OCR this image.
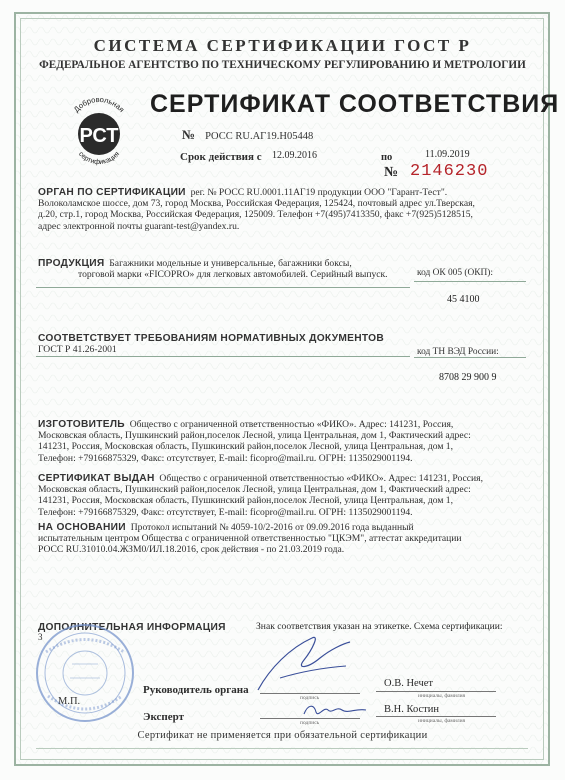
СИСТЕМА СЕРТИФИКАЦИИ ГОСТ Р
ФЕДЕРАЛЬНОЕ АГЕНТСТВО ПО ТЕХНИЧЕСКОМУ РЕГУЛИРОВАНИЮ И МЕТРОЛОГИИ
Добровольная
РСТ
сертификация
СЕРТИФИКАТ СООТВЕТСТВИЯ
№ РОСС RU.АГ19.Н05448
Срок действия с 12.09.2016	по	11.09.2019
№ 2146230
ОРГАН ПО СЕРТИФИКАЦИИ рег. № РОСС RU.0001.11АГ19 продукции ООО "Гарант-Тест".
Волоколамское шоссе, дом 73, город Москва, Российская Федерация, 125424, почтовый адрес ул.Тверская,
д.20, стр.1, город Москва, Российская Федерация, 125009. Телефон +7(495)7413350, факс +7(925)5128515,
адрес электронной почты guarant-test@yandex.ru.
ПРОДУКЦИЯ Багажники модельные и универсальные, багажники боксы,
торговой марки «FICOPRO» для легковых автомобилей. Серийный выпуск.	код ОК 005 (ОКП):
45 4100
СООТВЕТСТВУЕТ ТРЕБОВАНИЯМ НОРМАТИВНЫХ ДОКУМЕНТОВ
ГОСТ Р 41.26-2001	код ТН ВЭД России:
8708 29 900 9
ИЗГОТОВИТЕЛЬ Общество с ограниченной ответственностью «ФИКО». Адрес: 141231, Россия,
Московская область, Пушкинский район,поселок Лесной, улица Центральная, дом 1, Фактический адрес:
141231, Россия, Московская область, Пушкинский район,поселок Лесной, улица Центральная, дом 1,
Телефон: +79166875329, Факс: отсутствует, E-mail: ficopro@mail.ru. ОГРН: 1135029001194.
СЕРТИФИКАТ ВЫДАН Общество с ограниченной ответственностью «ФИКО». Адрес: 141231, Россия,
Московская область, Пушкинский район,поселок Лесной, улица Центральная, дом 1, Фактический адрес:
141231, Россия, Московская область, Пушкинский район,поселок Лесной, улица Центральная, дом 1,
Телефон: +79166875329, Факс: отсутствует, E-mail: ficopro@mail.ru. ОГРН: 1135029001194.
НА ОСНОВАНИИ Протокол испытаний № 4059-10/2-2016 от 09.09.2016 года выданный
испытательным центром Общества с ограниченной ответственностью "ЦКЭМ", аттестат аккредитации
РОСС RU.31010.04.ЖЗМ0/ИЛ.18.2016, срок действия - по 21.03.2019 года.
ДОПОЛНИТЕЛЬНАЯ ИНФОРМАЦИЯ	Знак соответствия указан на этикетке. Схема сертификации:
3
М.П.
Руководитель органа
подпись
О.В. Нечет
инициалы, фамилия
Эксперт	подпись
В.Н. Костин
инициалы, фамилия
Сертификат не применяется при обязательной сертификации
